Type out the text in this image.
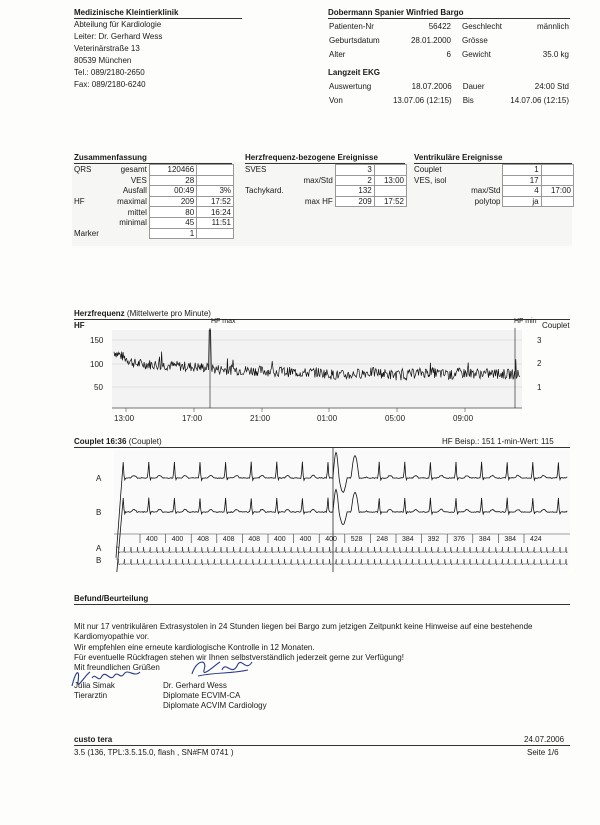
Medizinische Kleintierklinik
Abteilung für Kardiologie
Leiter: Dr. Gerhard Wess
Veterinärstraße 13
80539 München
Tel.: 089/2180-2650
Fax: 089/2180-6240
Dobermann Spanier Winfried Bargo
Patienten-Nr	56422	Geschlecht	männlich
Geburtsdatum	28.01.2000	Grösse	
Alter	6	Gewicht	35.0 kg
Langzeit EKG
Auswertung	18.07.2006	Dauer	24:00 Std
Von	13.07.06 (12:15)	Bis	14.07.06 (12:15)
Zusammenfassung
QRS	gesamt	120466	
	VES	28	
	Ausfall	00:49	3%
HF	maximal	209	17:52
	mittel	80	16:24
	minimal	45	11:51
Marker		1	
Herzfrequenz-bezogene Ereignisse
SVES		3	
	max/Std	2	13:00
Tachykard.		132	
	max HF	209	17:52
Ventrikuläre Ereignisse
Couplet		1	
VES, isol		17	
	max/Std	4	17:00
	polytop	ja	
Herzfrequenz (Mittelwerte pro Minute)
HF	Couplet
HF max	HF min
150
100
50
3
2
1
13:00	17:00	21:00	01:00	05:00	09:00
Couplet 16:36 (Couplet)	HF Beisp.: 151 1-min-Wert: 115
A
B
A
B
400 400 408 408 408 400 400 400 528 248 384 392 376 384 384 424
Befund/Beurteilung
Mit nur 17 ventrikulären Extrasystolen in 24 Stunden liegen bei Bargo zum jetzigen Zeitpunkt keine Hinweise auf eine bestehende
Kardiomyopathie vor.
Wir empfehlen eine erneute kardiologische Kontrolle in 12 Monaten.
Für eventuelle Rückfragen stehen wir Ihnen selbstverständlich jederzeit gerne zur Verfügung!
Mit freundlichen Grüßen
Julia Simak
Tierarztin
Dr. Gerhard Wess
Diplomate ECVIM-CA
Diplomate ACVIM Cardiology
custo tera	24.07.2006
3.5 (136, TPL:3.5.15.0, flash , SN#FM 0741 )	Seite 1/6
